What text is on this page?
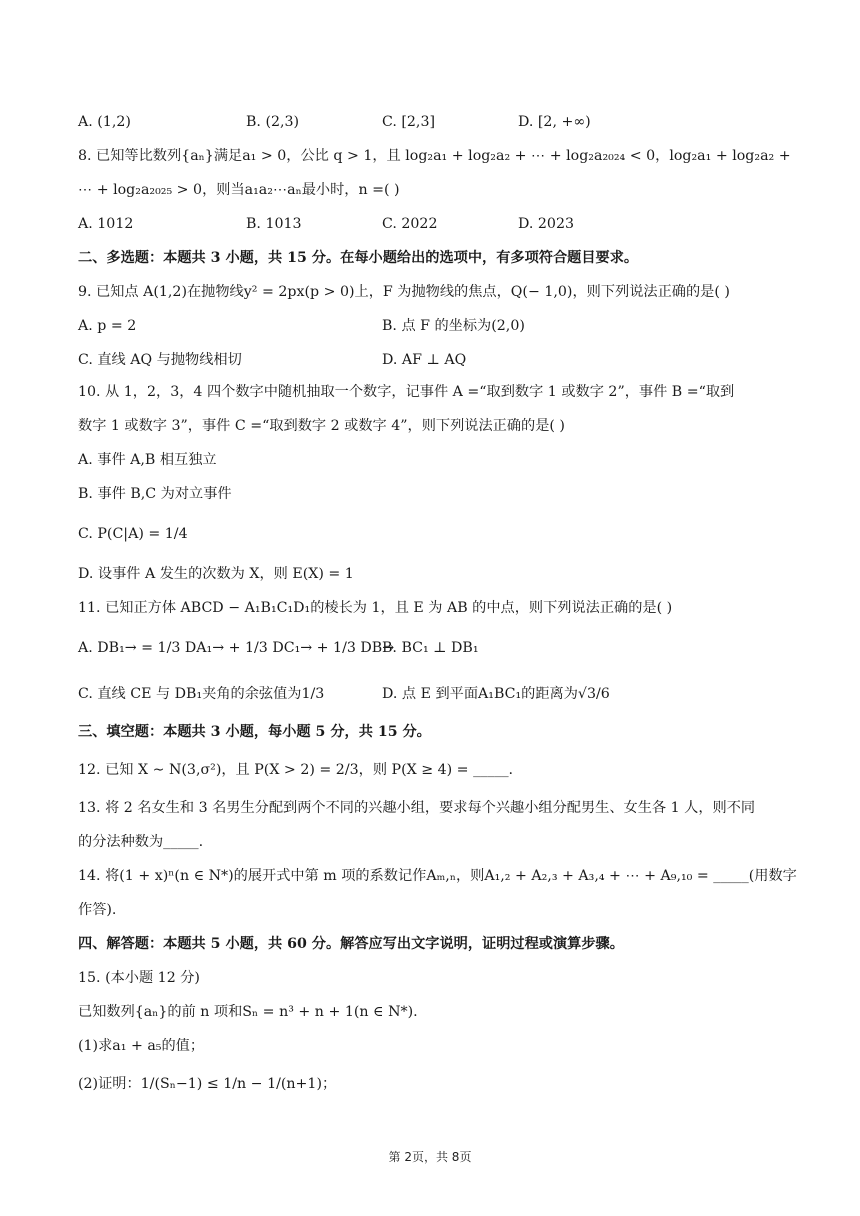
A. (1,2)	B. (2,3)	C. [2,3]	D. [2, +∞)
8. 已知等比数列{aₙ}满足a₁ > 0，公比 q > 1，且 log₂a₁ + log₂a₂ + ⋯ + log₂a₂₀₂₄ < 0，log₂a₁ + log₂a₂ +
⋯ + log₂a₂₀₂₅ > 0，则当a₁a₂⋯aₙ最小时，n =( )
A. 1012	B. 1013	C. 2022	D. 2023
二、多选题：本题共 3 小题，共 15 分。在每小题给出的选项中，有多项符合题目要求。
9. 已知点 A(1,2)在抛物线y² = 2px(p > 0)上，F 为抛物线的焦点，Q(− 1,0)，则下列说法正确的是( )
A. p = 2	B. 点 F 的坐标为(2,0)
C. 直线 AQ 与抛物线相切	D. AF ⊥ AQ
10. 从 1，2，3，4 四个数字中随机抽取一个数字，记事件 A =“取到数字 1 或数字 2”，事件 B =“取到
数字 1 或数字 3”，事件 C =“取到数字 2 或数字 4”，则下列说法正确的是( )
A. 事件 A,B 相互独立
B. 事件 B,C 为对立事件
C. P(C|A) = 1/4
D. 设事件 A 发生的次数为 X，则 E(X) = 1
11. 已知正方体 ABCD − A₁B₁C₁D₁的棱长为 1，且 E 为 AB 的中点，则下列说法正确的是( )
A. DB₁→ = 1/3 DA₁→ + 1/3 DC₁→ + 1/3 DB→
B. BC₁ ⊥ DB₁
C. 直线 CE 与 DB₁夹角的余弦值为1/3	D. 点 E 到平面A₁BC₁的距离为√3/6
三、填空题：本题共 3 小题，每小题 5 分，共 15 分。
12. 已知 X ∼ N(3,σ²)，且 P(X > 2) = 2/3，则 P(X ≥ 4) = _____.
13. 将 2 名女生和 3 名男生分配到两个不同的兴趣小组，要求每个兴趣小组分配男生、女生各 1 人，则不同
的分法种数为_____.
14. 将(1 + x)ⁿ(n ∈ N*)的展开式中第 m 项的系数记作Aₘ,ₙ，则A₁,₂ + A₂,₃ + A₃,₄ + ⋯ + A₉,₁₀ = _____(用数字
作答).
四、解答题：本题共 5 小题，共 60 分。解答应写出文字说明，证明过程或演算步骤。
15. (本小题 12 分)
已知数列{aₙ}的前 n 项和Sₙ = n³ + n + 1(n ∈ N*).
(1)求a₁ + a₅的值；
(2)证明：1/(Sₙ−1) ≤ 1/n − 1/(n+1)；
第 2页，共 8页
